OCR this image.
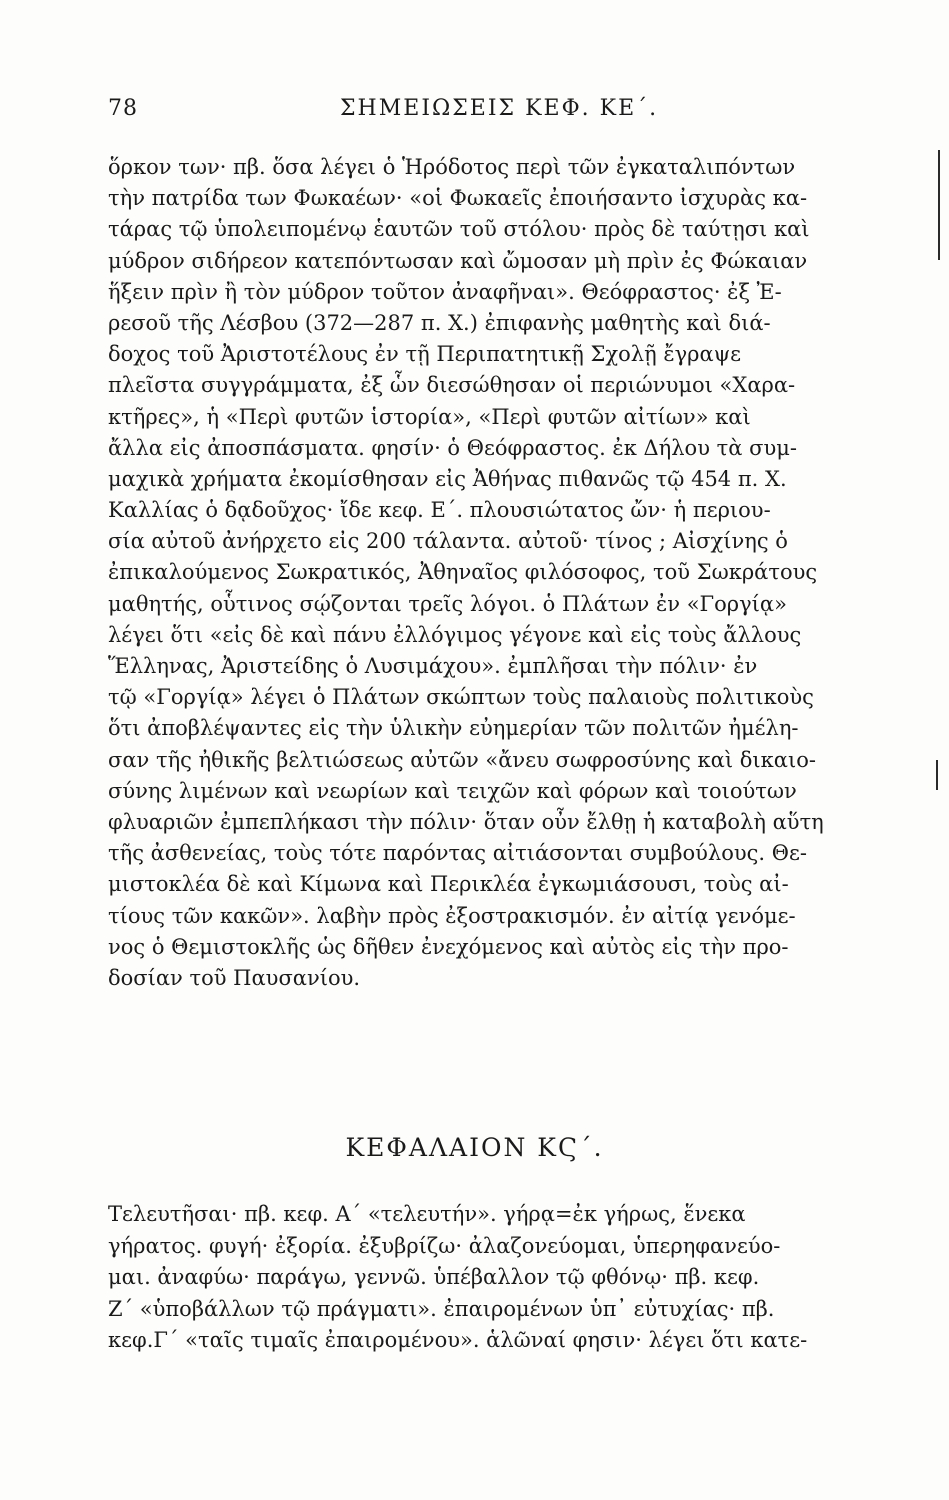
78	ΣΗΜΕΙΩΣΕΙΣ ΚΕΦ. ΚΕ΄.
ὅρκον των· πβ. ὅσα λέγει ὁ Ἡρόδοτος περὶ τῶν ἐγκαταλιπόντων
τὴν πατρίδα των Φωκαέων· «οἱ Φωκαεῖς ἐποιήσαντο ἰσχυρὰς κα-
τάρας τῷ ὑπολειπομένῳ ἑαυτῶν τοῦ στόλου· πρὸς δὲ ταύτῃσι καὶ
μύδρον σιδήρεον κατεπόντωσαν καὶ ὤμοσαν μὴ πρὶν ἐς Φώκαιαν
ἥξειν πρὶν ἢ τὸν μύδρον τοῦτον ἀναφῆναι». Θεόφραστος· ἐξ Ἐ-
ρεσοῦ τῆς Λέσβου (372—287 π. Χ.) ἐπιφανὴς μαθητὴς καὶ διά-
δοχος τοῦ Ἀριστοτέλους ἐν τῇ Περιπατητικῇ Σχολῇ ἔγραψε
πλεῖστα συγγράμματα, ἐξ ὧν διεσώθησαν οἱ περιώνυμοι «Χαρα-
κτῆρες», ἡ «Περὶ φυτῶν ἱστορία», «Περὶ φυτῶν αἰτίων» καὶ
ἄλλα εἰς ἀποσπάσματα. φησίν· ὁ Θεόφραστος. ἐκ Δήλου τὰ συμ-
μαχικὰ χρήματα ἐκομίσθησαν εἰς Ἀθήνας πιθανῶς τῷ 454 π. Χ.
Καλλίας ὁ δᾳδοῦχος· ἴδε κεφ. Ε΄. πλουσιώτατος ὤν· ἡ περιου-
σία αὐτοῦ ἀνήρχετο εἰς 200 τάλαντα. αὐτοῦ· τίνος ; Αἰσχίνης ὁ
ἐπικαλούμενος Σωκρατικός, Ἀθηναῖος φιλόσοφος, τοῦ Σωκράτους
μαθητής, οὗτινος σῴζονται τρεῖς λόγοι. ὁ Πλάτων ἐν «Γοργίᾳ»
λέγει ὅτι «εἰς δὲ καὶ πάνυ ἐλλόγιμος γέγονε καὶ εἰς τοὺς ἄλλους
Ἕλληνας, Ἀριστείδης ὁ Λυσιμάχου». ἐμπλῆσαι τὴν πόλιν· ἐν
τῷ «Γοργίᾳ» λέγει ὁ Πλάτων σκώπτων τοὺς παλαιοὺς πολιτικοὺς
ὅτι ἀποβλέψαντες εἰς τὴν ὑλικὴν εὐημερίαν τῶν πολιτῶν ἠμέλη-
σαν τῆς ἠθικῆς βελτιώσεως αὐτῶν «ἄνευ σωφροσύνης καὶ δικαιο-
σύνης λιμένων καὶ νεωρίων καὶ τειχῶν καὶ φόρων καὶ τοιούτων
φλυαριῶν ἐμπεπλήκασι τὴν πόλιν· ὅταν οὖν ἔλθῃ ἡ καταβολὴ αὕτη
τῆς ἀσθενείας, τοὺς τότε παρόντας αἰτιάσονται συμβούλους. Θε-
μιστοκλέα δὲ καὶ Κίμωνα καὶ Περικλέα ἐγκωμιάσουσι, τοὺς αἰ-
τίους τῶν κακῶν». λαβὴν πρὸς ἐξοστρακισμόν. ἐν αἰτίᾳ γενόμε-
νος ὁ Θεμιστοκλῆς ὡς δῆθεν ἐνεχόμενος καὶ αὐτὸς εἰς τὴν προ-
δοσίαν τοῦ Παυσανίου.
ΚΕΦΑΛΑΙΟΝ ΚϚ΄.
Τελευτῆσαι· πβ. κεφ. Α΄ «τελευτήν». γήρᾳ=ἐκ γήρως, ἕνεκα
γήρατος. φυγή· ἐξορία. ἐξυβρίζω· ἀλαζονεύομαι, ὑπερηφανεύο-
μαι. ἀναφύω· παράγω, γεννῶ. ὑπέβαλλον τῷ φθόνῳ· πβ. κεφ.
Ζ΄ «ὑποβάλλων τῷ πράγματι». ἐπαιρομένων ὑπ᾽ εὐτυχίας· πβ.
κεφ.Γ΄ «ταῖς τιμαῖς ἐπαιρομένου». ἁλῶναί φησιν· λέγει ὅτι κατε-
